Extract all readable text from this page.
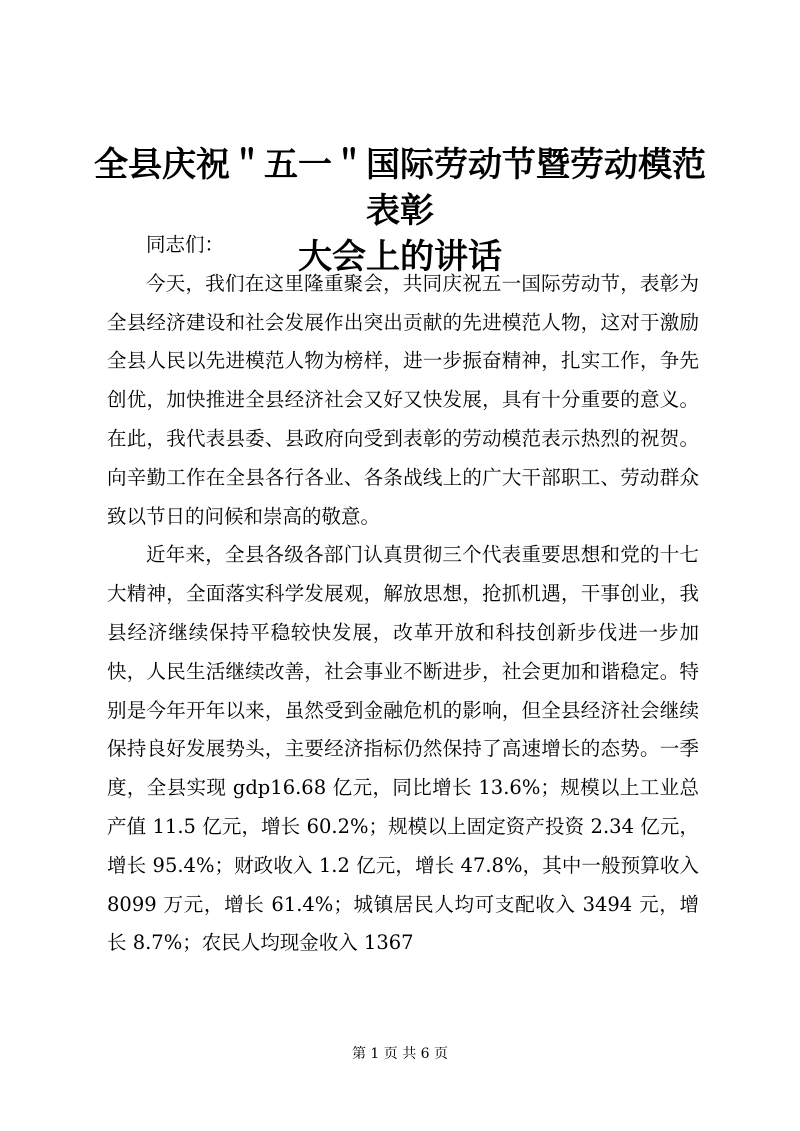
全县庆祝＂五一＂国际劳动节暨劳动模范表彰
大会上的讲话

同志们：

今天，我们在这里隆重聚会，共同庆祝五一国际劳动节，表彰为全县经济建设和社会发展作出突出贡献的先进模范人物，这对于激励全县人民以先进模范人物为榜样，进一步振奋精神，扎实工作，争先创优，加快推进全县经济社会又好又快发展，具有十分重要的意义。在此，我代表县委、县政府向受到表彰的劳动模范表示热烈的祝贺。向辛勤工作在全县各行各业、各条战线上的广大干部职工、劳动群众致以节日的问候和崇高的敬意。

近年来，全县各级各部门认真贯彻三个代表重要思想和党的十七大精神，全面落实科学发展观，解放思想，抢抓机遇，干事创业，我县经济继续保持平稳较快发展，改革开放和科技创新步伐进一步加快，人民生活继续改善，社会事业不断进步，社会更加和谐稳定。特别是今年开年以来，虽然受到金融危机的影响，但全县经济社会继续保持良好发展势头，主要经济指标仍然保持了高速增长的态势。一季度，全县实现 gdp16.68 亿元，同比增长 13.6%；规模以上工业总产值 11.5 亿元，增长 60.2%；规模以上固定资产投资 2.34 亿元，增长 95.4%；财政收入 1.2 亿元，增长 47.8%，其中一般预算收入 8099 万元，增长 61.4%；城镇居民人均可支配收入 3494 元，增长 8.7%；农民人均现金收入 1367

第 1 页 共 6 页
